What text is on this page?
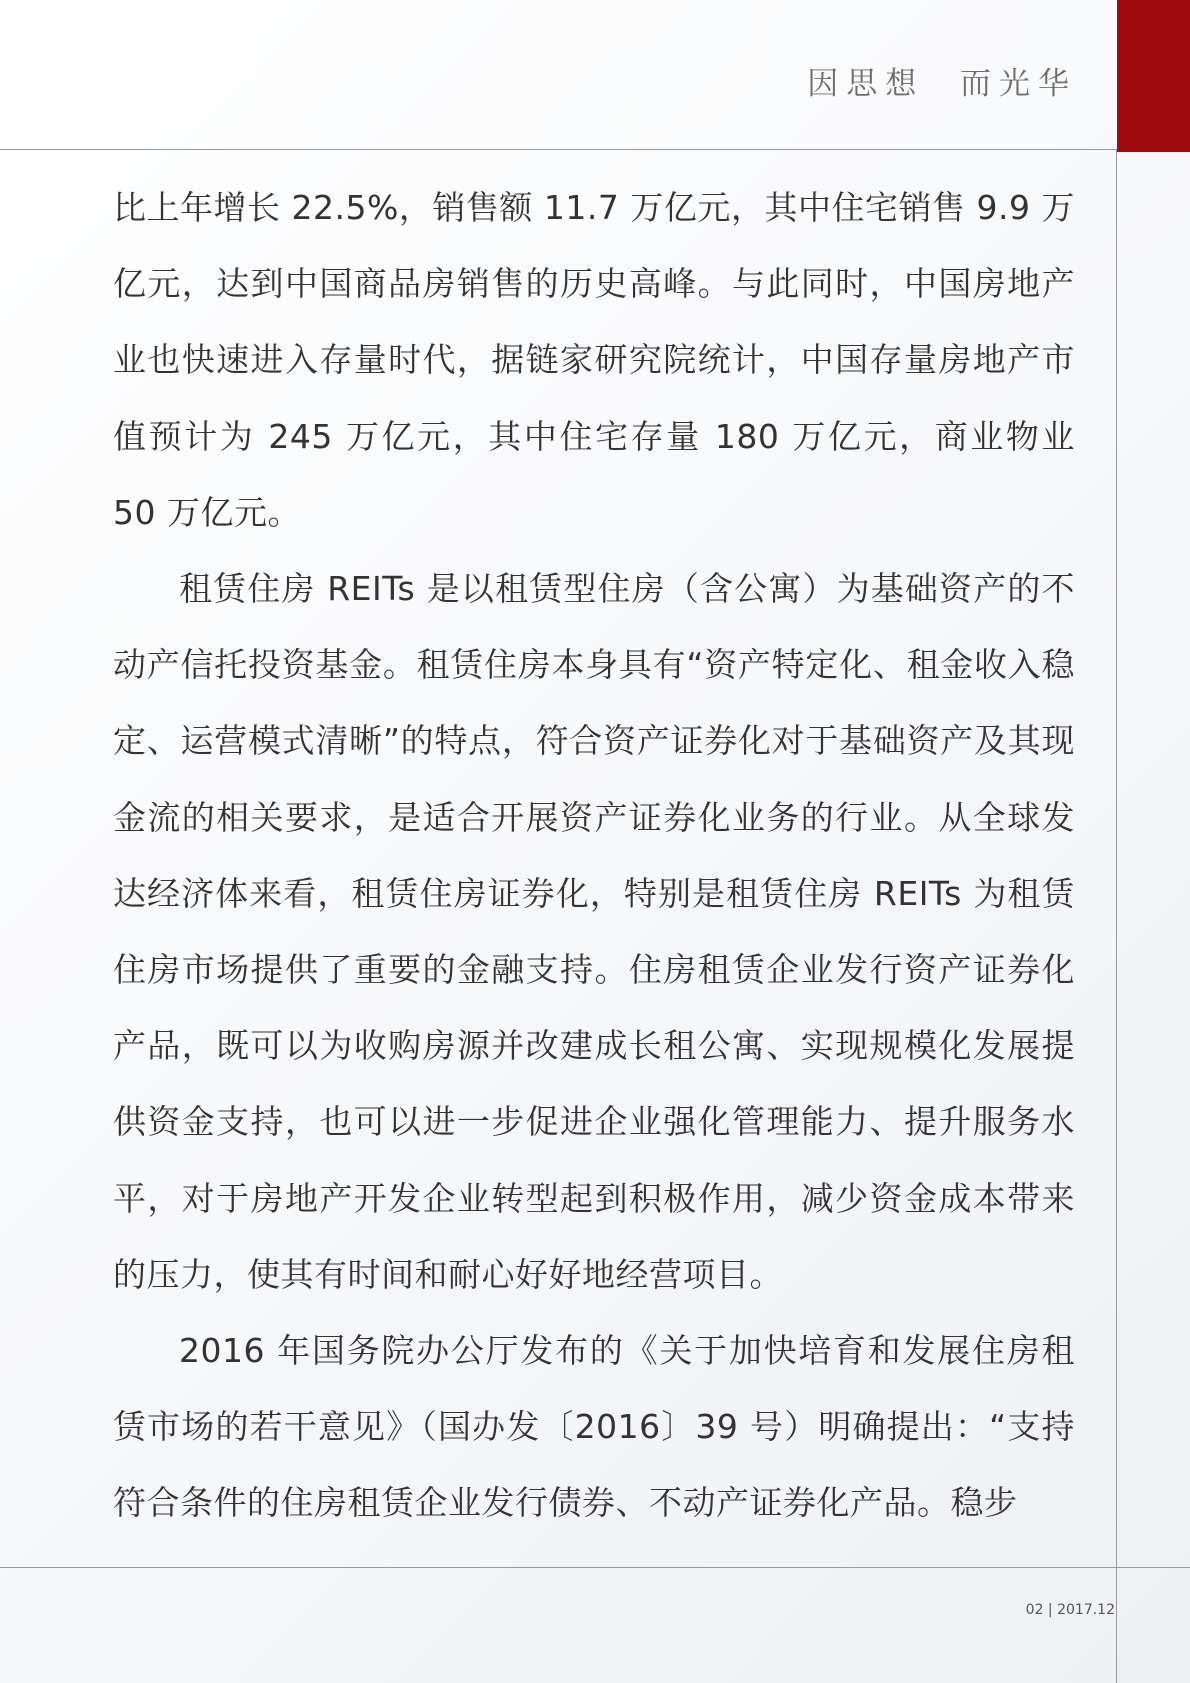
因思想  而光华

比上年增长 22.5%，销售额 11.7 万亿元，其中住宅销售 9.9 万亿元，达到中国商品房销售的历史高峰。与此同时，中国房地产业也快速进入存量时代，据链家研究院统计，中国存量房地产市值预计为 245 万亿元，其中住宅存量 180 万亿元，商业物业 50 万亿元。

租赁住房 REITs 是以租赁型住房（含公寓）为基础资产的不动产信托投资基金。租赁住房本身具有“资产特定化、租金收入稳定、运营模式清晰”的特点，符合资产证券化对于基础资产及其现金流的相关要求，是适合开展资产证券化业务的行业。从全球发达经济体来看，租赁住房证券化，特别是租赁住房 REITs 为租赁住房市场提供了重要的金融支持。住房租赁企业发行资产证券化产品，既可以为收购房源并改建成长租公寓、实现规模化发展提供资金支持，也可以进一步促进企业强化管理能力、提升服务水平，对于房地产开发企业转型起到积极作用，减少资金成本带来的压力，使其有时间和耐心好好地经营项目。

2016 年国务院办公厅发布的《关于加快培育和发展住房租赁市场的若干意见》（国办发〔2016〕39 号）明确提出：“支持符合条件的住房租赁企业发行债券、不动产证券化产品。稳步

02 | 2017.12
